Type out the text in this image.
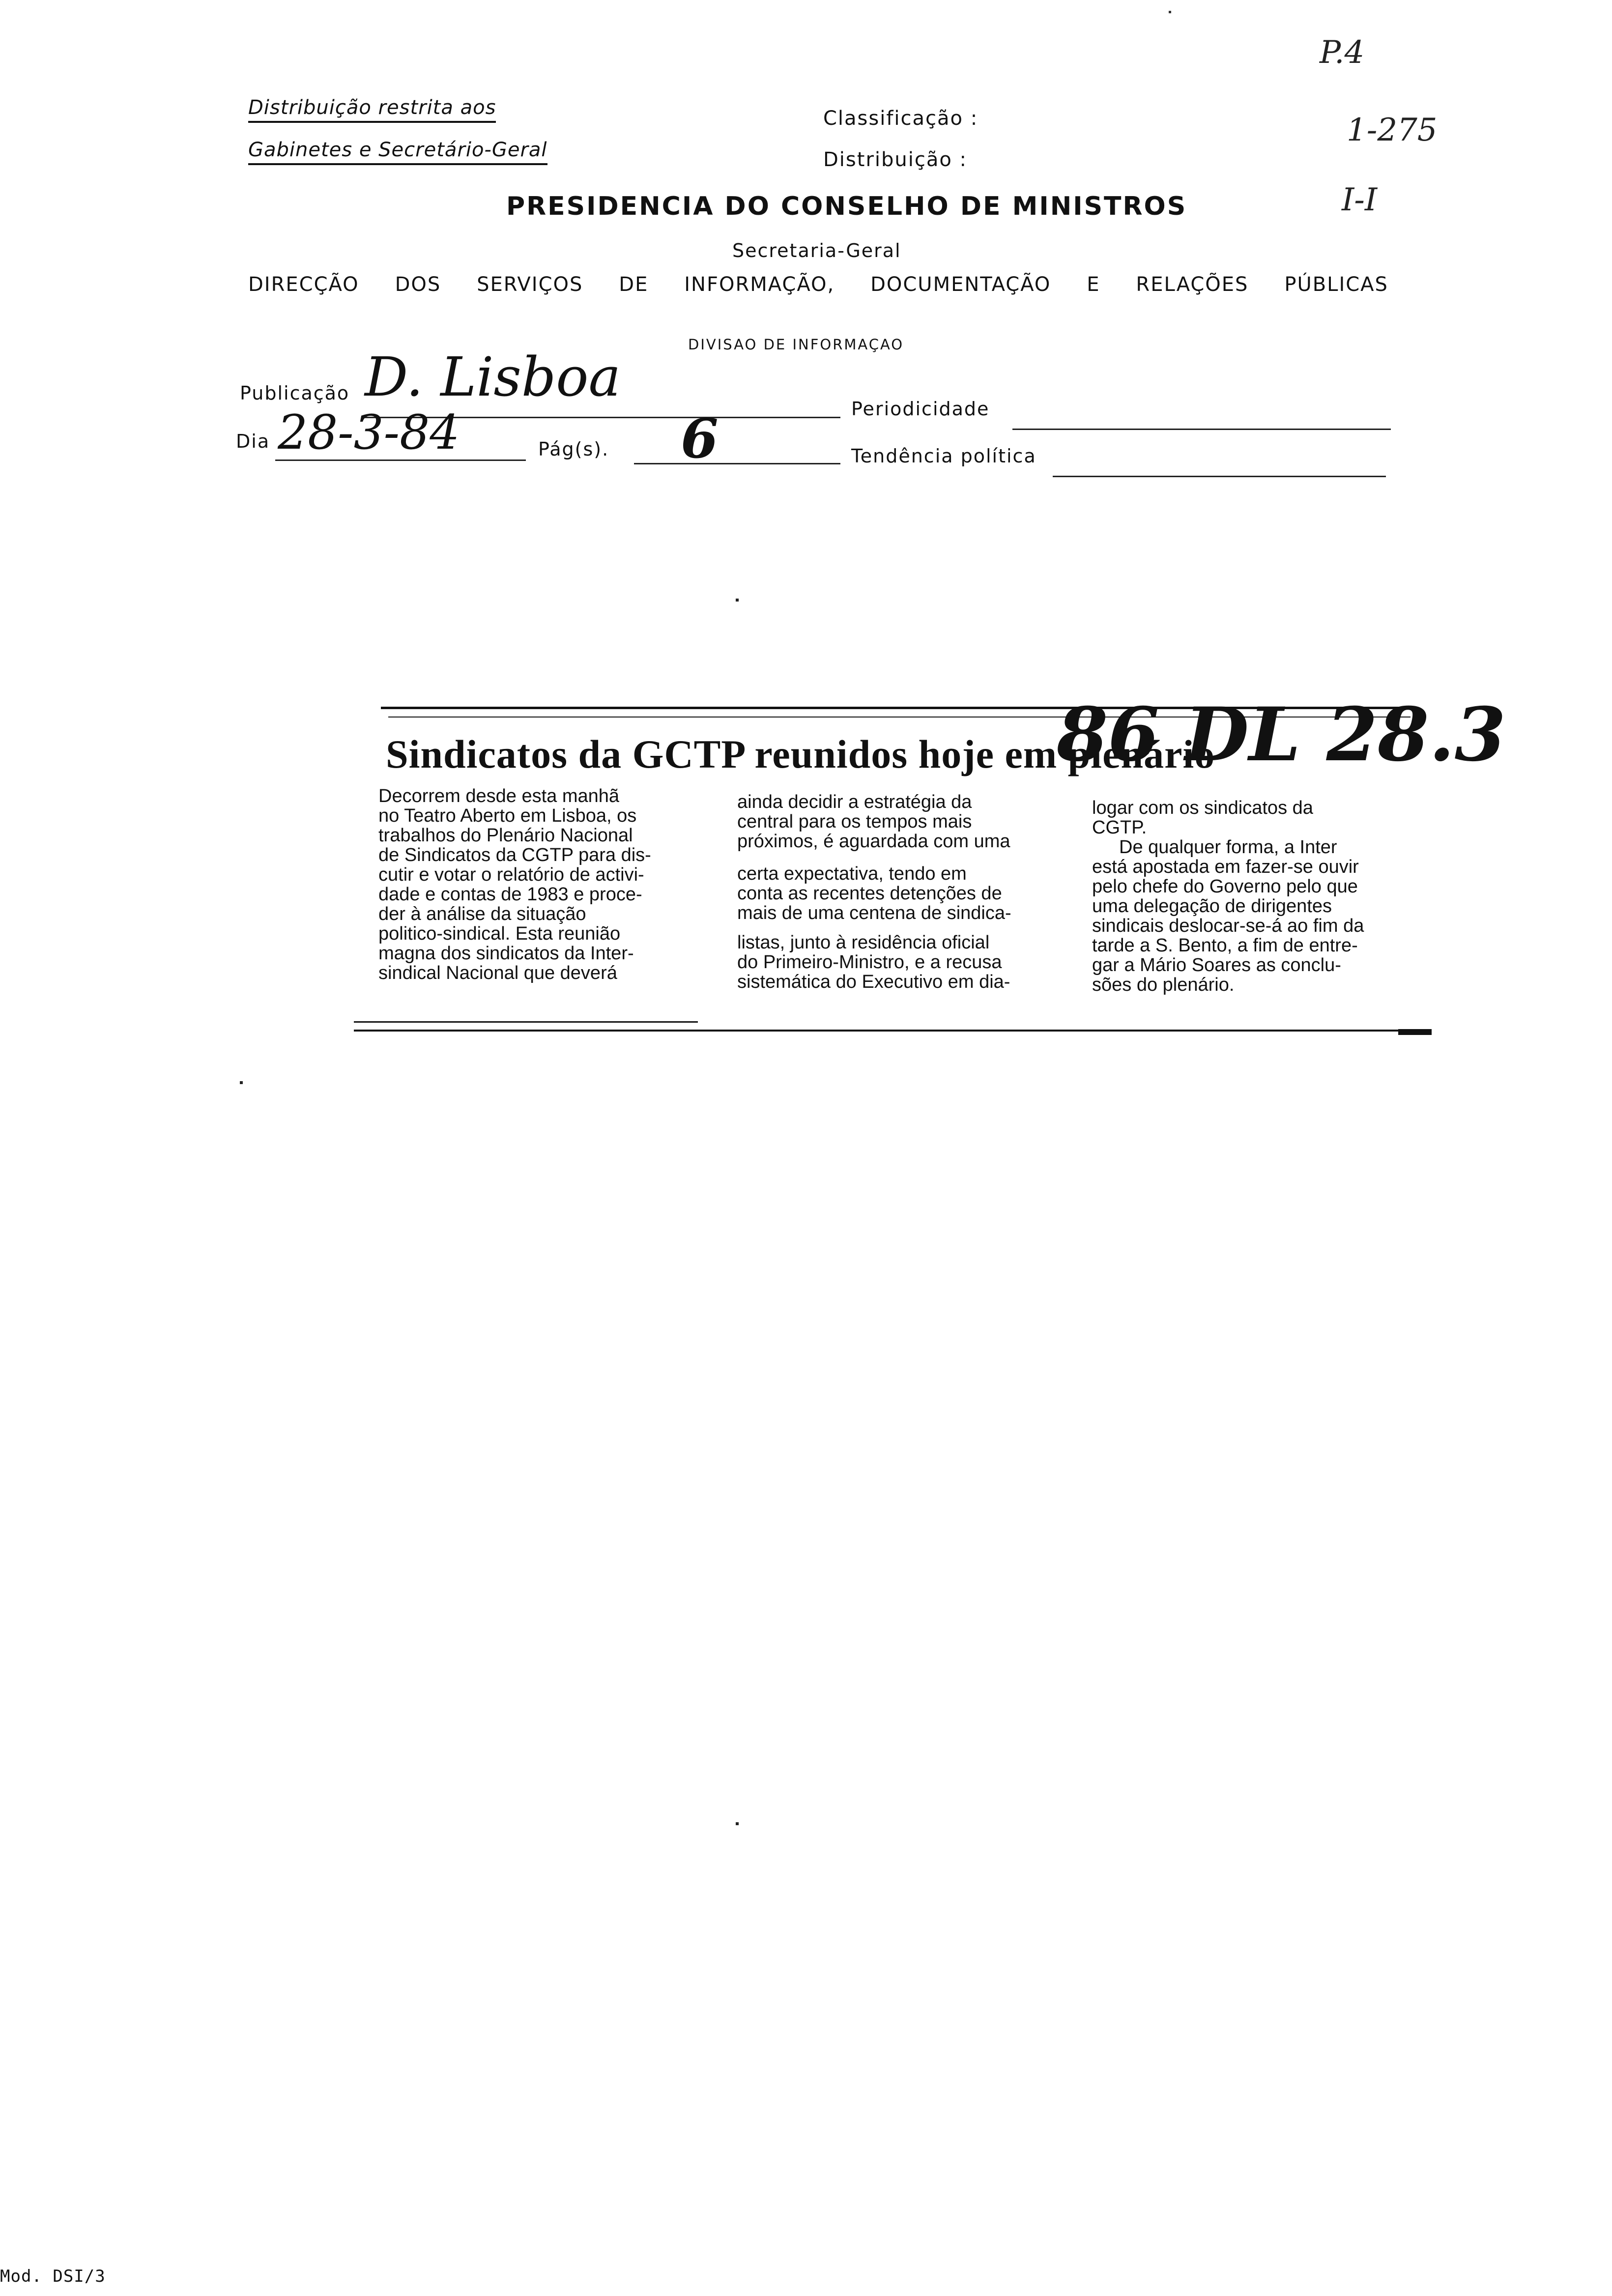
Distribuição restrita aos
Gabinetes e Secretário-Geral
Classificação :
Distribuição :
P.4
1-275
I-I
PRESIDENCIA DO CONSELHO DE MINISTROS
Secretaria-Geral
DIRECÇÃO DOS SERVIÇOS DE INFORMAÇÃO, DOCUMENTAÇÃO E RELAÇÕES PÚBLICAS
DIVISAO DE INFORMAÇAO
Publicação D. Lisboa
Periodicidade
Dia 28-3-84	Pág(s). 6	Tendência política
Sindicatos da GCTP reunidos hoje em plenário
86 DL 28.3
Decorrem desde esta manhã
no Teatro Aberto em Lisboa, os
trabalhos do Plenário Nacional
de Sindicatos da CGTP para dis-
cutir e votar o relatório de activi-
dade e contas de 1983 e proce-
der à análise da situação
politico-sindical. Esta reunião
magna dos sindicatos da Inter-
sindical Nacional que deverá
ainda decidir a estratégia da
central para os tempos mais
próximos, é aguardada com uma
certa expectativa, tendo em
conta as recentes detenções de
mais de uma centena de sindica-
listas, junto à residência oficial
do Primeiro-Ministro, e a recusa
sistemática do Executivo em dia-
logar com os sindicatos da
CGTP.
De qualquer forma, a Inter
está apostada em fazer-se ouvir
pelo chefe do Governo pelo que
uma delegação de dirigentes
sindicais deslocar-se-á ao fim da
tarde a S. Bento, a fim de entre-
gar a Mário Soares as conclu-
sões do plenário.
Mod. DSI/3
